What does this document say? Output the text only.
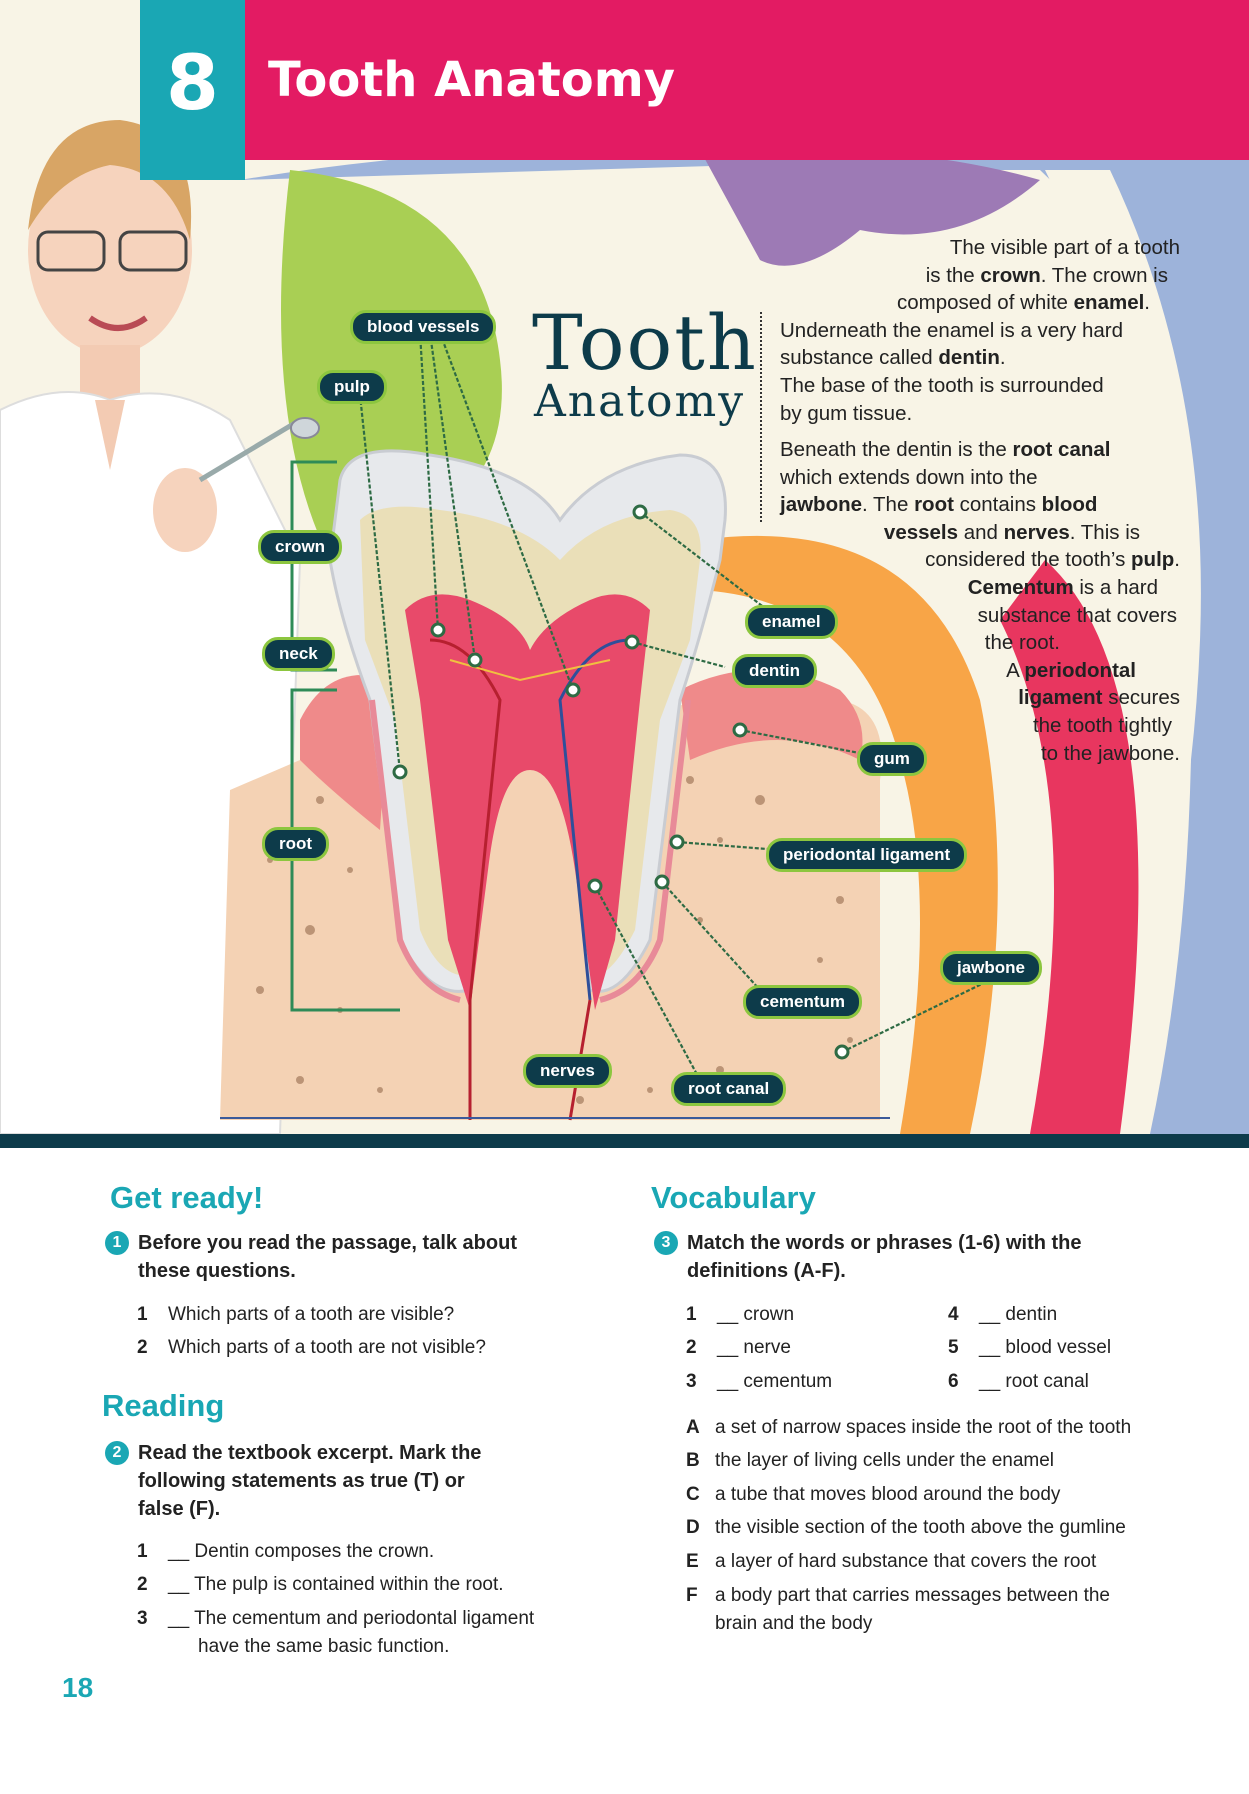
8	Tooth Anatomy
Tooth
Anatomy
The visible part of a tooth
is the crown. The crown is
composed of white enamel.
Underneath the enamel is a very hard
substance called dentin.
The base of the tooth is surrounded
by gum tissue.
Beneath the dentin is the root canal
which extends down into the
jawbone. The root contains blood
vessels and nerves. This is
considered the tooth’s pulp.
Cementum is a hard
substance that covers
the root.
A periodontal
ligament secures
the tooth tightly
to the jawbone.
blood vessels
pulp
crown
neck
root
enamel
dentin
gum
periodontal ligament
jawbone
cementum
nerves
root canal
Get ready!
1 Before you read the passage, talk about
these questions.
1 Which parts of a tooth are visible?
2 Which parts of a tooth are not visible?
Reading
2 Read the textbook excerpt. Mark the
following statements as true (T) or
false (F).
1 __ Dentin composes the crown.
2 __ The pulp is contained within the root.
3 __ The cementum and periodontal ligament
have the same basic function.
Vocabulary
3 Match the words or phrases (1-6) with the
definitions (A-F).
1 __ crown
2 __ nerve
3 __ cementum
4 __ dentin
5 __ blood vessel
6 __ root canal
A a set of narrow spaces inside the root of the tooth
B the layer of living cells under the enamel
C a tube that moves blood around the body
D the visible section of the tooth above the gumline
E a layer of hard substance that covers the root
F a body part that carries messages between the
brain and the body
18
